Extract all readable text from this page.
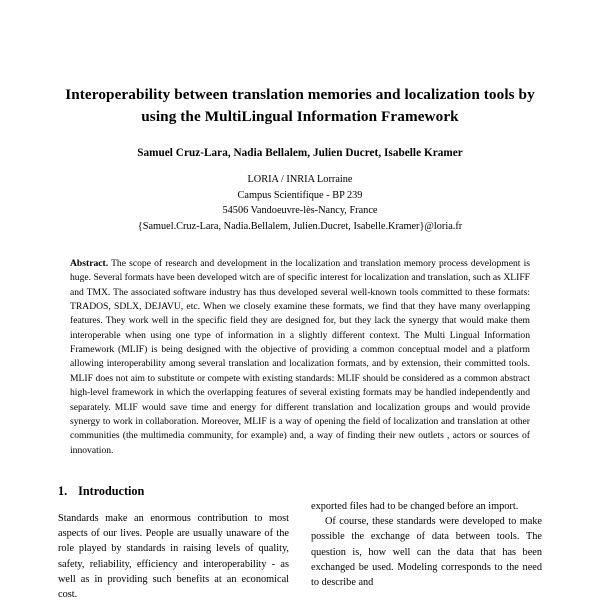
Interoperability between translation memories and localization tools by using the MultiLingual Information Framework
Samuel Cruz-Lara, Nadia Bellalem, Julien Ducret, Isabelle Kramer
LORIA / INRIA Lorraine
Campus Scientifique - BP 239
54506 Vandoeuvre-lès-Nancy, France
{Samuel.Cruz-Lara, Nadia.Bellalem, Julien.Ducret, Isabelle.Kramer}@loria.fr
Abstract. The scope of research and development in the localization and translation memory process development is huge. Several formats have been developed witch are of specific interest for localization and translation, such as XLIFF and TMX. The associated software industry has thus developed several well-known tools committed to these formats: TRADOS, SDLX, DEJAVU, etc. When we closely examine these formats, we find that they have many overlapping features. They work well in the specific field they are designed for, but they lack the synergy that would make them interoperable when using one type of information in a slightly different context. The Multi Lingual Information Framework (MLIF) is being designed with the objective of providing a common conceptual model and a platform allowing interoperability among several translation and localization formats, and by extension, their committed tools. MLIF does not aim to substitute or compete with existing standards: MLIF should be considered as a common abstract high-level framework in which the overlapping features of several existing formats may be handled independently and separately. MLIF would save time and energy for different translation and localization groups and would provide synergy to work in collaboration. Moreover, MLIF is a way of opening the field of localization and translation at other communities (the multimedia community, for example) and, a way of finding their new outlets , actors or sources of innovation.
1. Introduction

Standards make an enormous contribution to most aspects of our lives. People are usually unaware of the role played by standards in raising levels of quality, safety, reliability, efficiency and interoperability - as well as in providing such benefits at an economical cost.

exported files had to be changed before an import.

Of course, these standards were developed to make possible the exchange of data between tools. The question is, how well can the data that has been exchanged be used. Modeling corresponds to the need to describe and
